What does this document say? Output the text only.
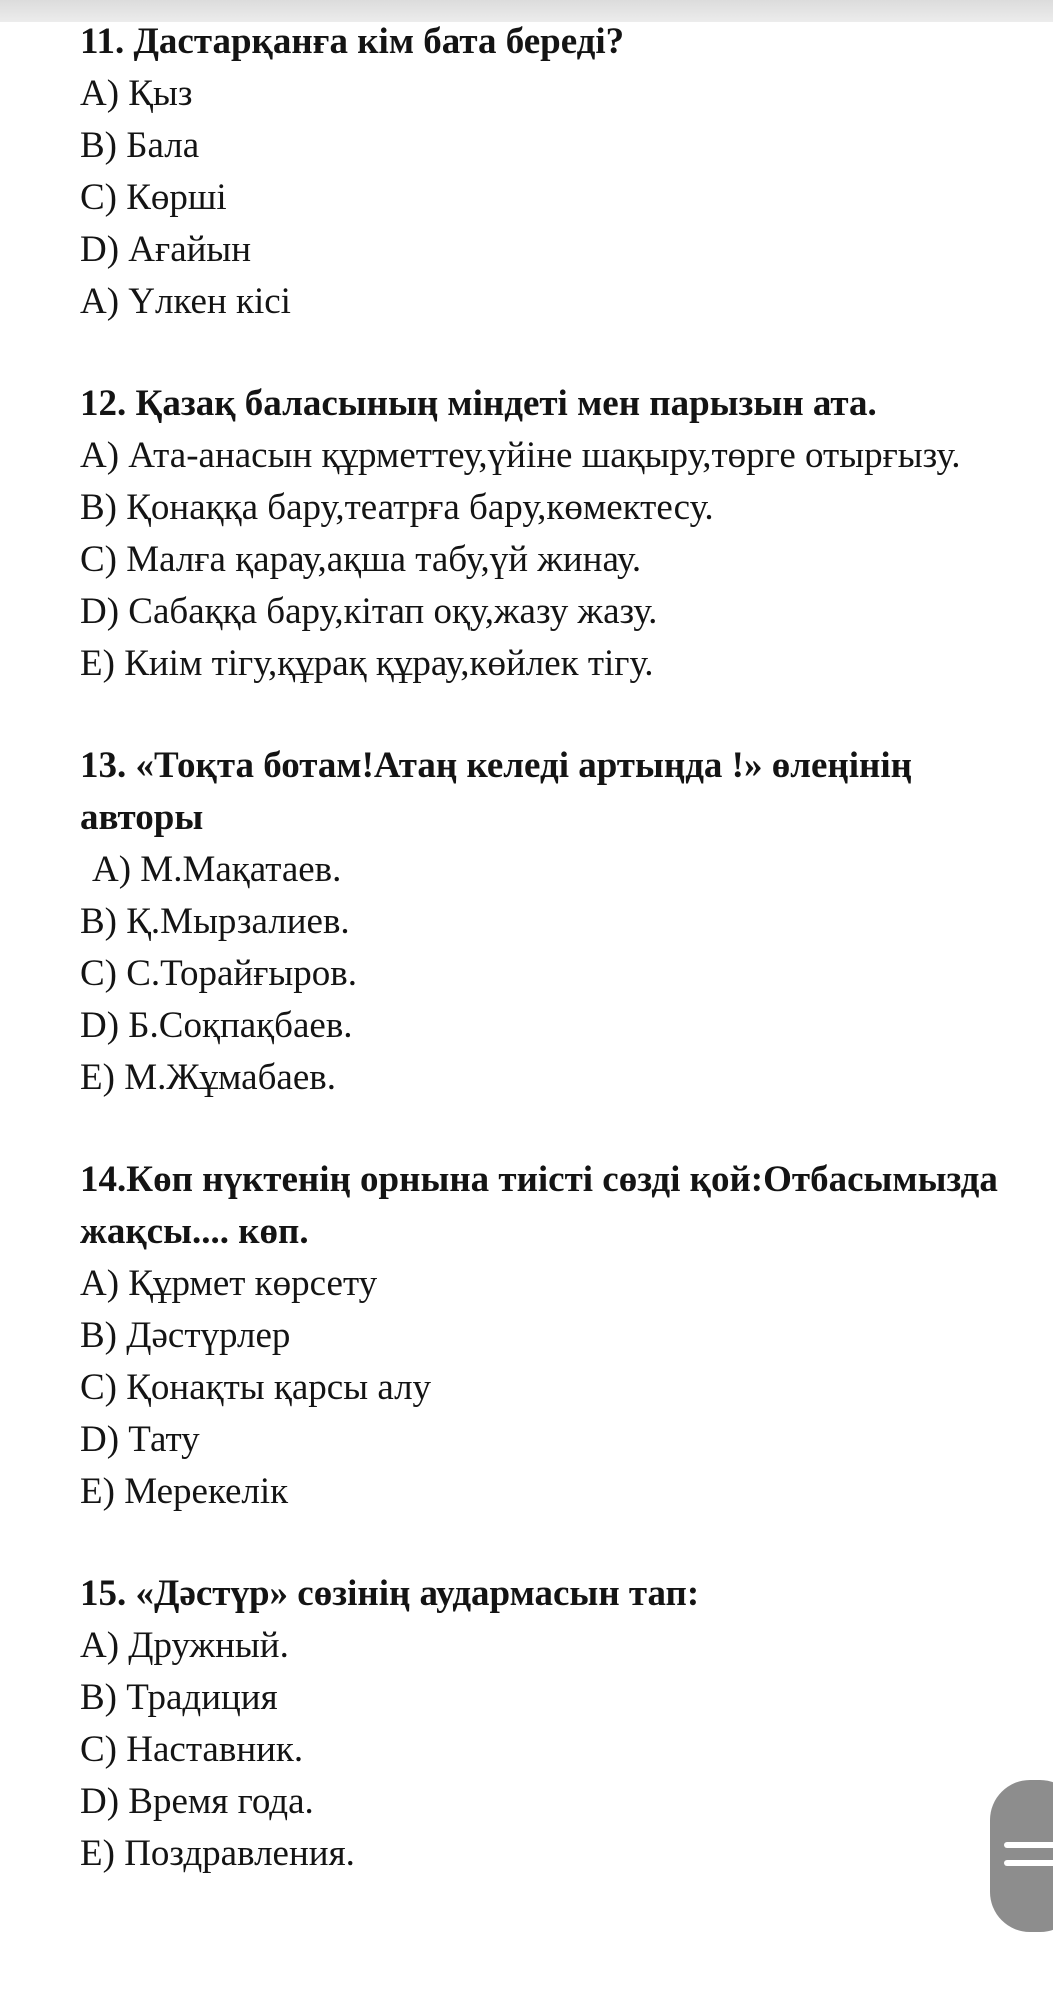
11. Дастарқанға кім бата береді?

A) Қыз

B) Бала

C) Көрші

D) Ағайын

A) Үлкен кісі

12. Қазақ баласының міндеті мен парызын ата.

A) Ата-анасын құрметтеу,үйіне шақыру,төрге отырғызу.

B) Қонаққа бару,театрға бару,көмектесу.

C) Малға қарау,ақша табу,үй жинау.

D) Сабаққа бару,кітап оқу,жазу жазу.

E) Киім тігу,құрақ құрау,көйлек тігу.

13. «Тоқта ботам!Атаң келеді артыңда !» өлеңінің авторы

A) М.Мақатаев.

B) Қ.Мырзалиев.

C) С.Торайғыров.

D) Б.Соқпақбаев.

E) М.Жұмабаев.

14.Көп нүктенің орнына тиісті сөзді қой:Отбасымызда жақсы.... көп.

A) Құрмет көрсету

B) Дәстүрлер

C) Қонақты қарсы алу

D) Тату

E) Мерекелік

15. «Дәстүр» сөзінің аудармасын тап:

A) Дружный.

B) Традиция

C) Наставник.

D) Время года.

E) Поздравления.
